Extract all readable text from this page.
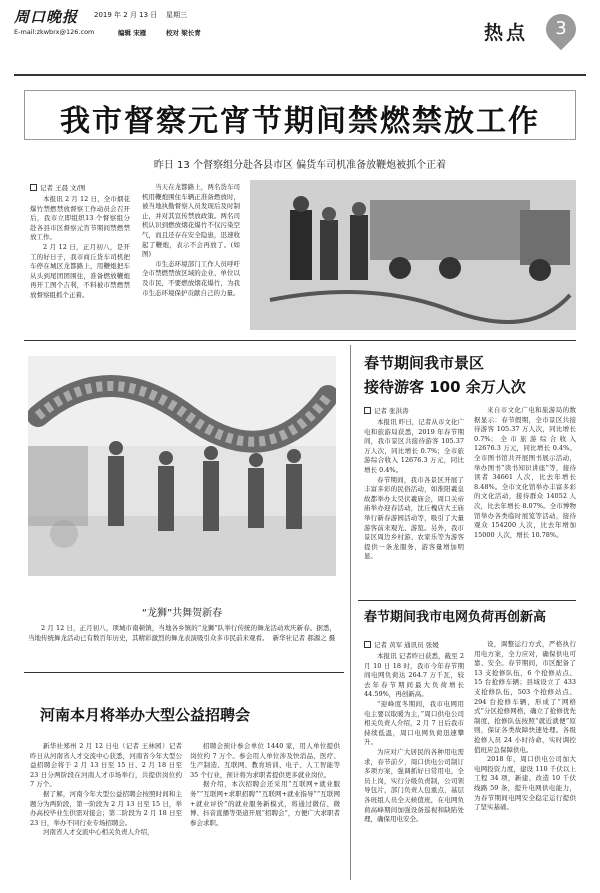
周口晚报 2019 年 2 月 13 日 星期三
E-mail:zkwbrx@126.com	编辑 宋雁	校对 梁长青	热点	3
我市督察元宵节期间禁燃禁放工作
昨日 13 个督察组分赴各县市区 偏货车司机准备放鞭炮被抓个正着
记者 王晨 文/图

本报讯 2 月 12 日，全市烟花爆竹禁燃禁放督察工作动员会召开后，我市立即组织13 个督察组分赴各县市区督察元宵节期间禁燃禁放工作。

2 月 12 日，正月初八，是开工的好日子，我市商丘货车司机把车停在城区龙都路上，用鞭炮把车从头到尾团团围住，准备燃放鞭炮再开工图个吉利，不料被市禁燃禁放督察组抓个正着。

当天在龙都路上，两名货车司机用鞭炮围住车辆正准备燃放时，被当地执勤督察人员发现后及时制止，并对其宣传禁放政策。两名司机认识到燃放烟花爆竹不仅污染空气，而且还存在安全隐患，迅速收起了鞭炮，表示不会再放了。(如图)

市生态环境部门工作人员呼吁全市禁燃禁放区域的企业、单位以及市民，不要燃放烟花爆竹，为我市生态环境保护贡献自己的力量。

“龙狮”共舞贺新春

2 月 12 日，正月初八，项城市南顿镇，当地各乡镇的“龙狮”队举行传统的舞龙活动欢庆新春。据悉，当地传统舞龙活动已有数百年历史，其精彩激烈的舞龙表演吸引众多市民前来观看。 新华社记者 郝源之 摄

春节期间我市景区
接待游客 100 余万人次
记者 张洪涛

本报讯 昨日，记者从市文化广电和旅游局获悉，2019 年春节期间，我市景区共接待游客 105.37 万人次，同比增长 0.7%；全市旅游综合收入 12676.3 万元，同比增长 0.4%。

春节期间，我市各景区开展了丰富多彩的民俗活动，如淮阳羲皇故都举办太昊伏羲庙会，周口关帝庙举办迎春活动，沈丘槐店大王庙举行新春游园活动等，吸引了大量游客前来观光、游览。另外，我市景区周边乡村游、农家乐等为游客提供一条龙服务，游客量增加明显。

来自市文化广电和旅游局的数据显示：春节假期，全市景区共接待游客 105.37 万人次，同比增长 0.7%；全市旅游综合收入 12676.3 万元，同比增长 0.4%。全市图书馆共开展图书展示活动，举办图书“读书知识讲座”等，接待读者 34661 人次，比去年增长 8.48%。全市文化馆举办丰富多彩的文化活动，接待群众 14052 人次，比去年增长 8.07%。全市博物馆举办各类临时展览等活动，接待观众 154200 人次，比去年增加 15000 人次，增长 10.78%。

春节期间我市电网负荷再创新高
记者 黄军 通讯员 张媛

本报讯 记者昨日获悉，截至 2 月 10 日 18 时，我市今年春节期间电网负荷达 264.7 万千瓦，较去年春节期间最大负荷增长 44.59%，再创新高。

“迎峰度冬期间，我市电网用电主要以取暖为主，”周口供电公司相关负责人介绍，2 月 7 日后我市持续低温，周口电网负荷迅速攀升。

为应对广大居民的各种用电需求，春节前夕，周口供电公司制订多项方案，强调抓好日常用电，全员上岗，实行分级负责制，公司领导包片，部门负责人包重点，基层各班组人员全天候值班，在电网负荷高峰期间加强设备巡视和缺陷处理，确保用电安全。

设，调整运行方式，严格执行用电方案，全力应对，确保供电可靠、安全。春节期间，市区配备了 13 支抢修队伍，6 个抢修站点、15 台抢修车辆；县域设立了 433 支抢修队伍，503 个抢修站点、294 台抢修车辆，形成了“网格式”分区抢修网格，确立了抢修优先制度，抢修队伍按照“就近就便”原则，保证各类故障快速处理。各级抢修人员 24 小时待命，实时调控值班应急保障供电。

2018 年，周口供电公司加大电网投资力度，建设 110 千伏以上工程 34 项，新建、改造 10 千伏线路 59 条，提升电网供电能力，为春节期间电网安全稳定运行提供了坚实基础。

河南本月将举办大型公益招聘会

新华社郑州 2 月 12 日电（记者 王林园）记者昨日从河南省人才交流中心获悉，河南省今年大型公益招聘会将于 2 月 13 日至 15 日、2 月 18 日至 23 日分两阶段在河南人才市场举行，共提供岗位约 7 万个。

据了解，河南今年大型公益招聘会按照时间和主题分为两阶段，第一阶段为 2 月 13 日至 15 日，举办高校毕业生供需对接会；第二阶段为 2 月 18 日至 23 日，举办不同行业专场招聘会。

河南省人才交流中心相关负责人介绍，

招聘会预计参会单位 1440 家，用人单位提供岗位约 7 万个。参会用人单位涉及快消品、医疗、生产制造、互联网、教育培训、电子、人工智能等 35 个行业，预计将为求职者提供更多就业岗位。

据介绍，本次招聘会还采用“互联网+就业服务”“互联网+求职招聘”“互联网+就业指导”“互联网+就业评价”的就业服务新模式，将通过微信、微博、抖音直播等渠道开展“招聘会”，方便广大求职者参会求职。
